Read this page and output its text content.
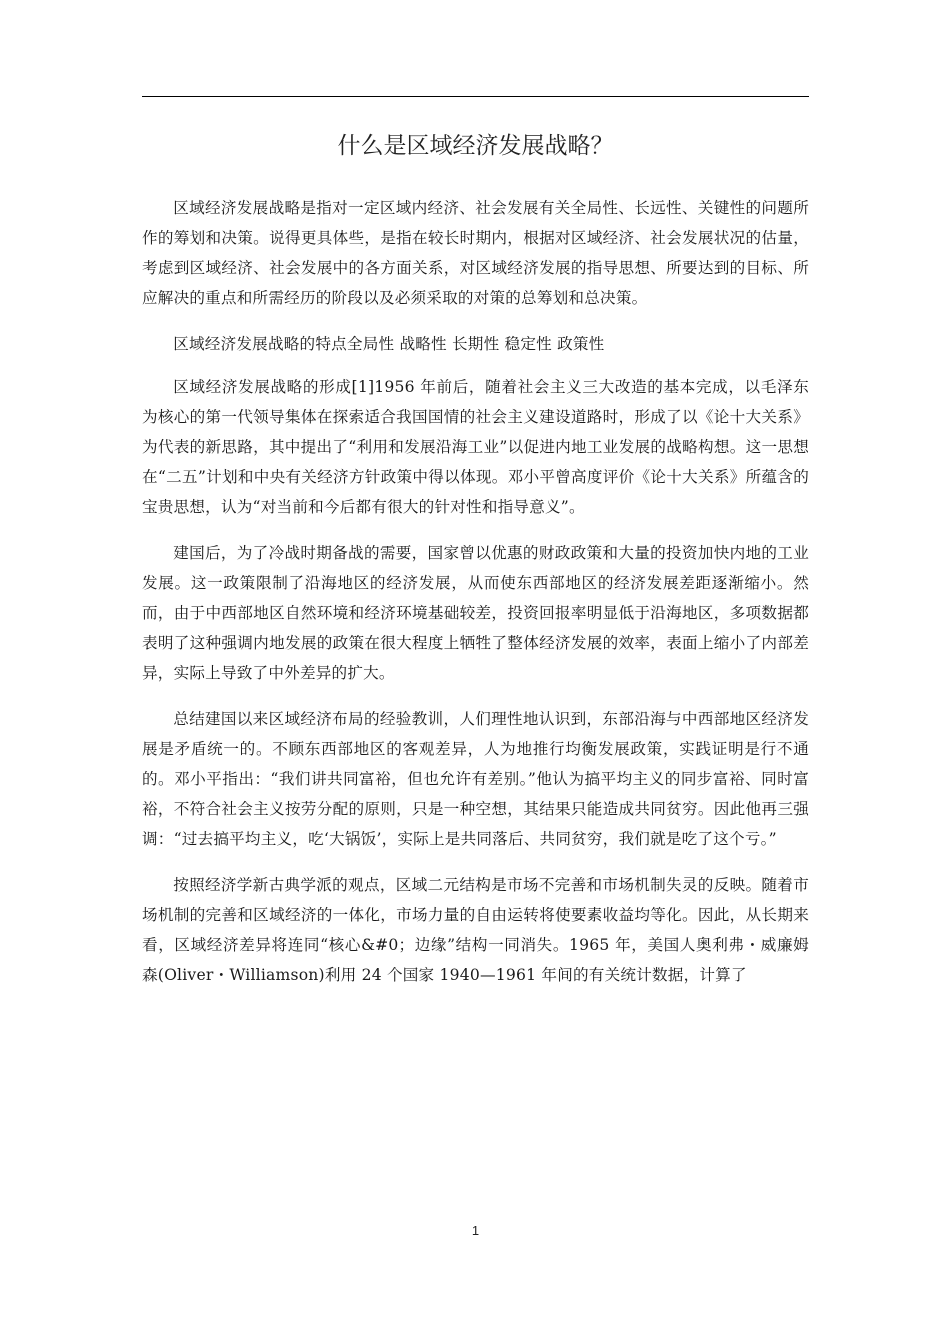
什么是区域经济发展战略？

区域经济发展战略是指对一定区域内经济、社会发展有关全局性、长远性、关键性的问题所作的筹划和决策。说得更具体些，是指在较长时期内，根据对区域经济、社会发展状况的估量，考虑到区域经济、社会发展中的各方面关系，对区域经济发展的指导思想、所要达到的目标、所应解决的重点和所需经历的阶段以及必须采取的对策的总筹划和总决策。

区域经济发展战略的特点全局性 战略性 长期性 稳定性 政策性

区域经济发展战略的形成[1]1956 年前后，随着社会主义三大改造的基本完成，以毛泽东为核心的第一代领导集体在探索适合我国国情的社会主义建设道路时，形成了以《论十大关系》为代表的新思路，其中提出了“利用和发展沿海工业”以促进内地工业发展的战略构想。这一思想在“二五”计划和中央有关经济方针政策中得以体现。邓小平曾高度评价《论十大关系》所蕴含的宝贵思想，认为“对当前和今后都有很大的针对性和指导意义”。

建国后，为了冷战时期备战的需要，国家曾以优惠的财政政策和大量的投资加快内地的工业发展。这一政策限制了沿海地区的经济发展，从而使东西部地区的经济发展差距逐渐缩小。然而，由于中西部地区自然环境和经济环境基础较差，投资回报率明显低于沿海地区，多项数据都表明了这种强调内地发展的政策在很大程度上牺牲了整体经济发展的效率，表面上缩小了内部差异，实际上导致了中外差异的扩大。

总结建国以来区域经济布局的经验教训，人们理性地认识到，东部沿海与中西部地区经济发展是矛盾统一的。不顾东西部地区的客观差异，人为地推行均衡发展政策，实践证明是行不通的。邓小平指出：“我们讲共同富裕，但也允许有差别。”他认为搞平均主义的同步富裕、同时富裕，不符合社会主义按劳分配的原则，只是一种空想，其结果只能造成共同贫穷。因此他再三强调：“过去搞平均主义，吃‘大锅饭’，实际上是共同落后、共同贫穷，我们就是吃了这个亏。”

按照经济学新古典学派的观点，区域二元结构是市场不完善和市场机制失灵的反映。随着市场机制的完善和区域经济的一体化，市场力量的自由运转将使要素收益均等化。因此，从长期来看，区域经济差异将连同“核心&#0；边缘”结构一同消失。1965 年，美国人奥利弗・威廉姆森(Oliver・Williamson)利用 24 个国家 1940—1961 年间的有关统计数据，计算了

1
